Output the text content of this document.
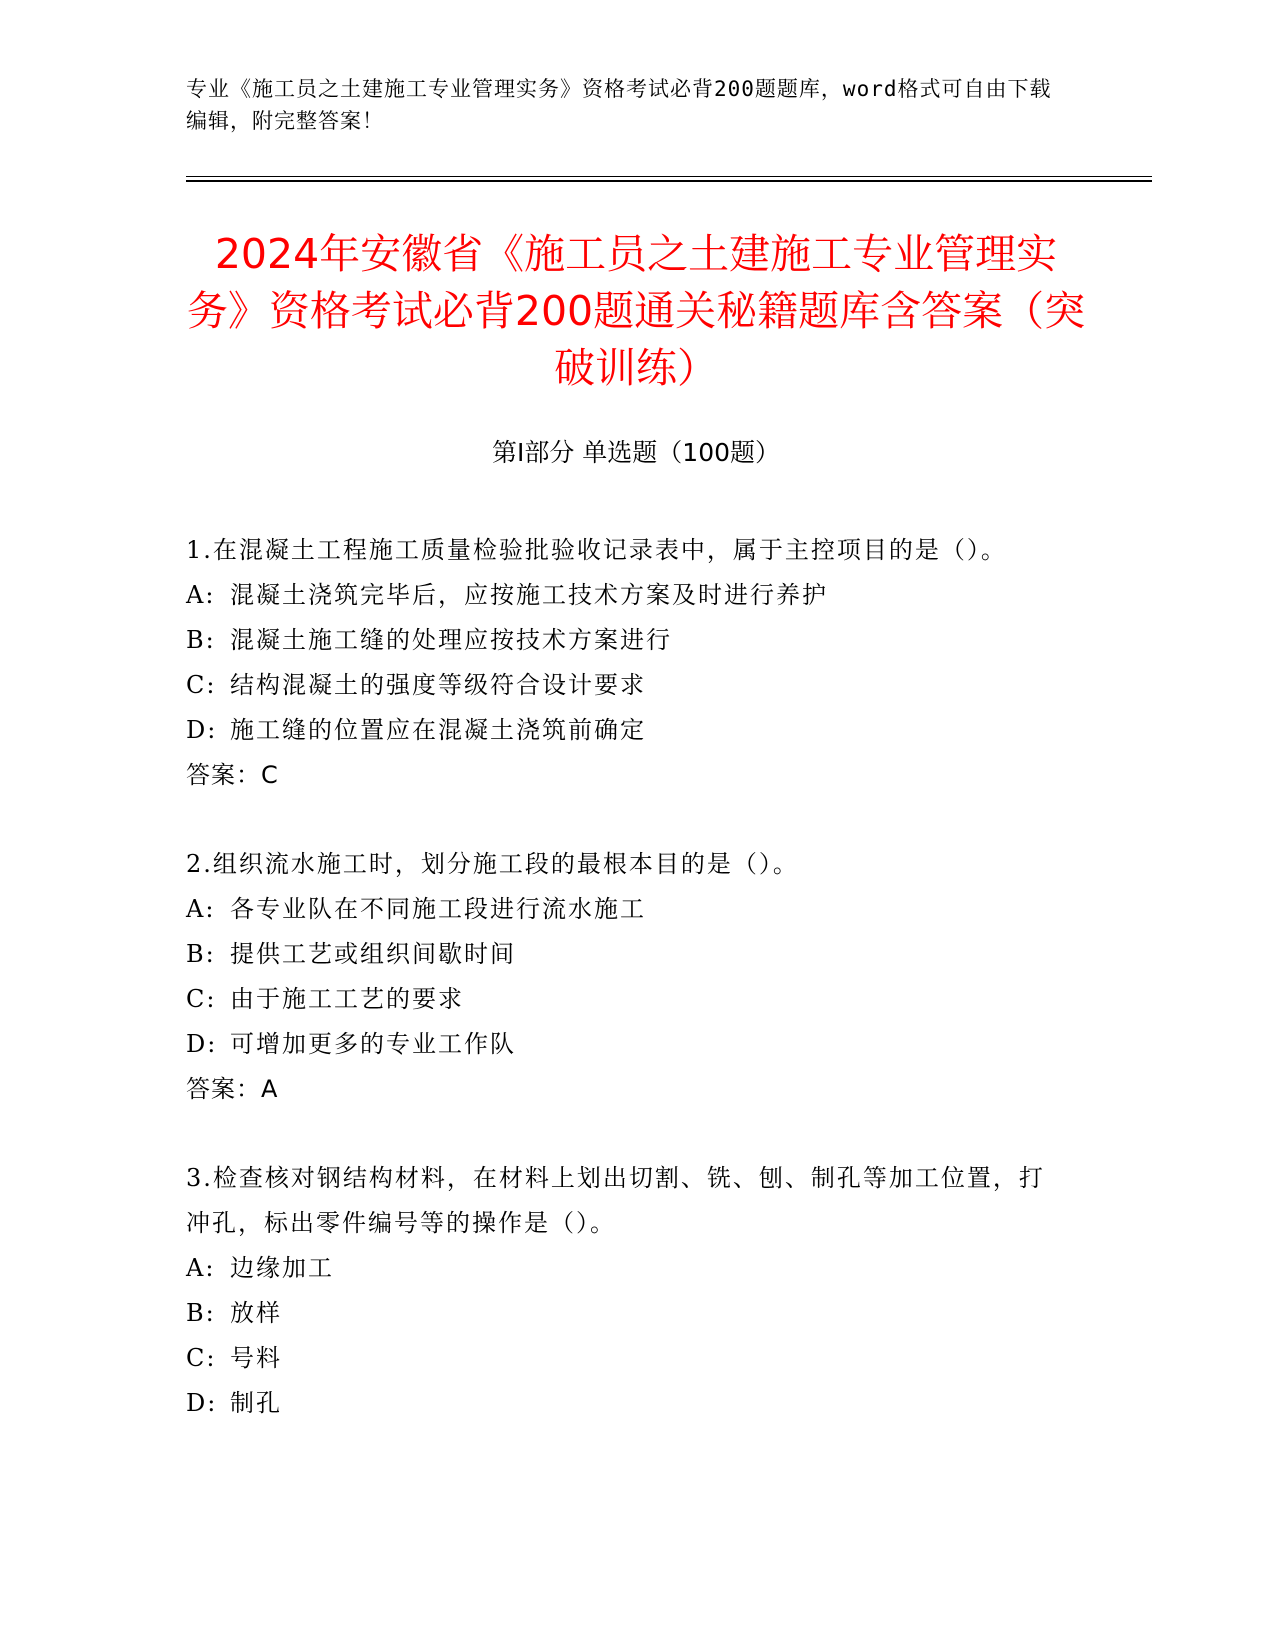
专业《施工员之土建施工专业管理实务》资格考试必背200题题库，word格式可自由下载编辑，附完整答案！
2024年安徽省《施工员之土建施工专业管理实务》资格考试必背200题通关秘籍题库含答案（突破训练）
第Ⅰ部分 单选题（100题）

1.在混凝土工程施工质量检验批验收记录表中，属于主控项目的是（）。

A: 混凝土浇筑完毕后，应按施工技术方案及时进行养护

B: 混凝土施工缝的处理应按技术方案进行

C: 结构混凝土的强度等级符合设计要求

D: 施工缝的位置应在混凝土浇筑前确定

答案：C

2.组织流水施工时，划分施工段的最根本目的是（）。

A: 各专业队在不同施工段进行流水施工

B: 提供工艺或组织间歇时间

C: 由于施工工艺的要求

D: 可增加更多的专业工作队

答案：A

3.检查核对钢结构材料，在材料上划出切割、铣、刨、制孔等加工位置，打冲孔，标出零件编号等的操作是（）。

A: 边缘加工

B: 放样

C: 号料

D: 制孔
